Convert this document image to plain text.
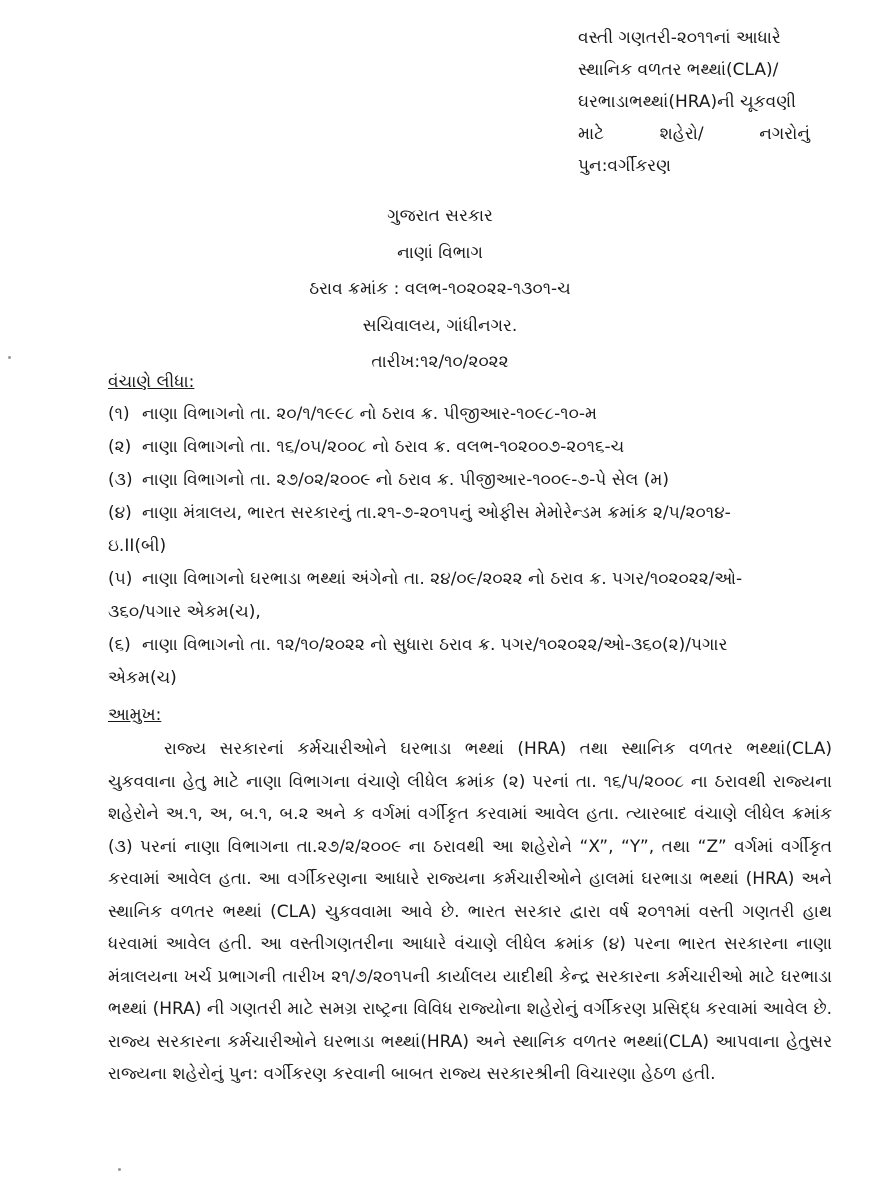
વસ્તી ગણતરી-૨૦૧૧નાં આધારે
સ્થાનિક વળતર ભથ્થાં(CLA)/
ઘરભાડાભથ્થાં(HRA)ની ચૂકવણી
માટે	શહેરો/	નગરોનું
પુન:વર્ગીકરણ
ગુજરાત સરકાર
નાણાં વિભાગ
ઠરાવ ક્રમાંક : વલભ-૧૦૨૦૨૨-૧૩૦૧-ચ
સચિવાલય, ગાંધીનગર.
તારીખ:૧૨/૧૦/૨૦૨૨
વંચાણે લીધા:
(૧) નાણા વિભાગનો તા. ૨૦/૧/૧૯૯૮ નો ઠરાવ ક્ર. પીજીઆર-૧૦૯૮-૧૦-મ
(૨) નાણા વિભાગનો તા. ૧૬/૦૫/૨૦૦૮ નો ઠરાવ ક્ર. વલભ-૧૦૨૦૦૭-૨૦૧૬-ચ
(૩) નાણા વિભાગનો તા. ૨૭/૦૨/૨૦૦૯ નો ઠરાવ ક્ર. પીજીઆર-૧૦૦૯-૭-પે સેલ (મ)
(૪) નાણા મંત્રાલય, ભારત સરકારનું તા.૨૧-૭-૨૦૧૫નું ઓફીસ મેમોરેન્ડમ ક્રમાંક ૨/૫/૨૦૧૪-
ઇ.II(બી)
(૫) નાણા વિભાગનો ઘરભાડા ભથ્થાં અંગેનો તા. ૨૪/૦૯/૨૦૨૨ નો ઠરાવ ક્ર. પગર/૧૦૨૦૨૨/ઓ-
૩૬૦/પગાર એકમ(ચ),
(૬) નાણા વિભાગનો તા. ૧૨/૧૦/૨૦૨૨ નો સુધારા ઠરાવ ક્ર. પગર/૧૦૨૦૨૨/ઓ-૩૬૦(૨)/પગાર
એકમ(ચ)
આમુખ:
રાજ્ય સરકારનાં કર્મચારીઓને ઘરભાડા ભથ્થાં (HRA) તથા સ્થાનિક વળતર ભથ્થાં(CLA) ચુકવવાના હેતુ માટે નાણા વિભાગના વંચાણે લીધેલ ક્રમાંક (૨) પરનાં તા. ૧૬/૫/૨૦૦૮ ના ઠરાવથી રાજ્યના શહેરોને અ.૧, અ, બ.૧, બ.૨ અને ક વર્ગમાં વર્ગીકૃત કરવામાં આવેલ હતા. ત્યારબાદ વંચાણે લીધેલ ક્રમાંક (૩) પરનાં નાણા વિભાગના તા.૨૭/૨/૨૦૦૯ ના ઠરાવથી આ શહેરોને “X”, “Y”, તથા “Z” વર્ગમાં વર્ગીકૃત કરવામાં આવેલ હતા. આ વર્ગીકરણના આધારે રાજ્યના કર્મચારીઓને હાલમાં ઘરભાડા ભથ્થાં (HRA) અને સ્થાનિક વળતર ભથ્થાં (CLA) ચુકવવામા આવે છે. ભારત સરકાર દ્વારા વર્ષ ૨૦૧૧માં વસ્તી ગણતરી હાથ ધરવામાં આવેલ હતી. આ વસ્તીગણતરીના આધારે વંચાણે લીધેલ ક્રમાંક (૪) પરના ભારત સરકારના નાણા મંત્રાલયના ખર્ચ પ્રભાગની તારીખ ૨૧/૭/૨૦૧૫ની કાર્યાલય યાદીથી કેન્દ્ર સરકારના કર્મચારીઓ માટે ઘરભાડા ભથ્થાં (HRA) ની ગણતરી માટે સમગ્ર રાષ્ટ્રના વિવિધ રાજ્યોના શહેરોનું વર્ગીકરણ પ્રસિદ્ધ કરવામાં આવેલ છે. રાજ્ય સરકારના કર્મચારીઓને ઘરભાડા ભથ્થાં(HRA) અને સ્થાનિક વળતર ભથ્થાં(CLA) આપવાના હેતુસર રાજ્યના શહેરોનું પુન: વર્ગીકરણ કરવાની બાબત રાજ્ય સરકારશ્રીની વિચારણા હેઠળ હતી.
